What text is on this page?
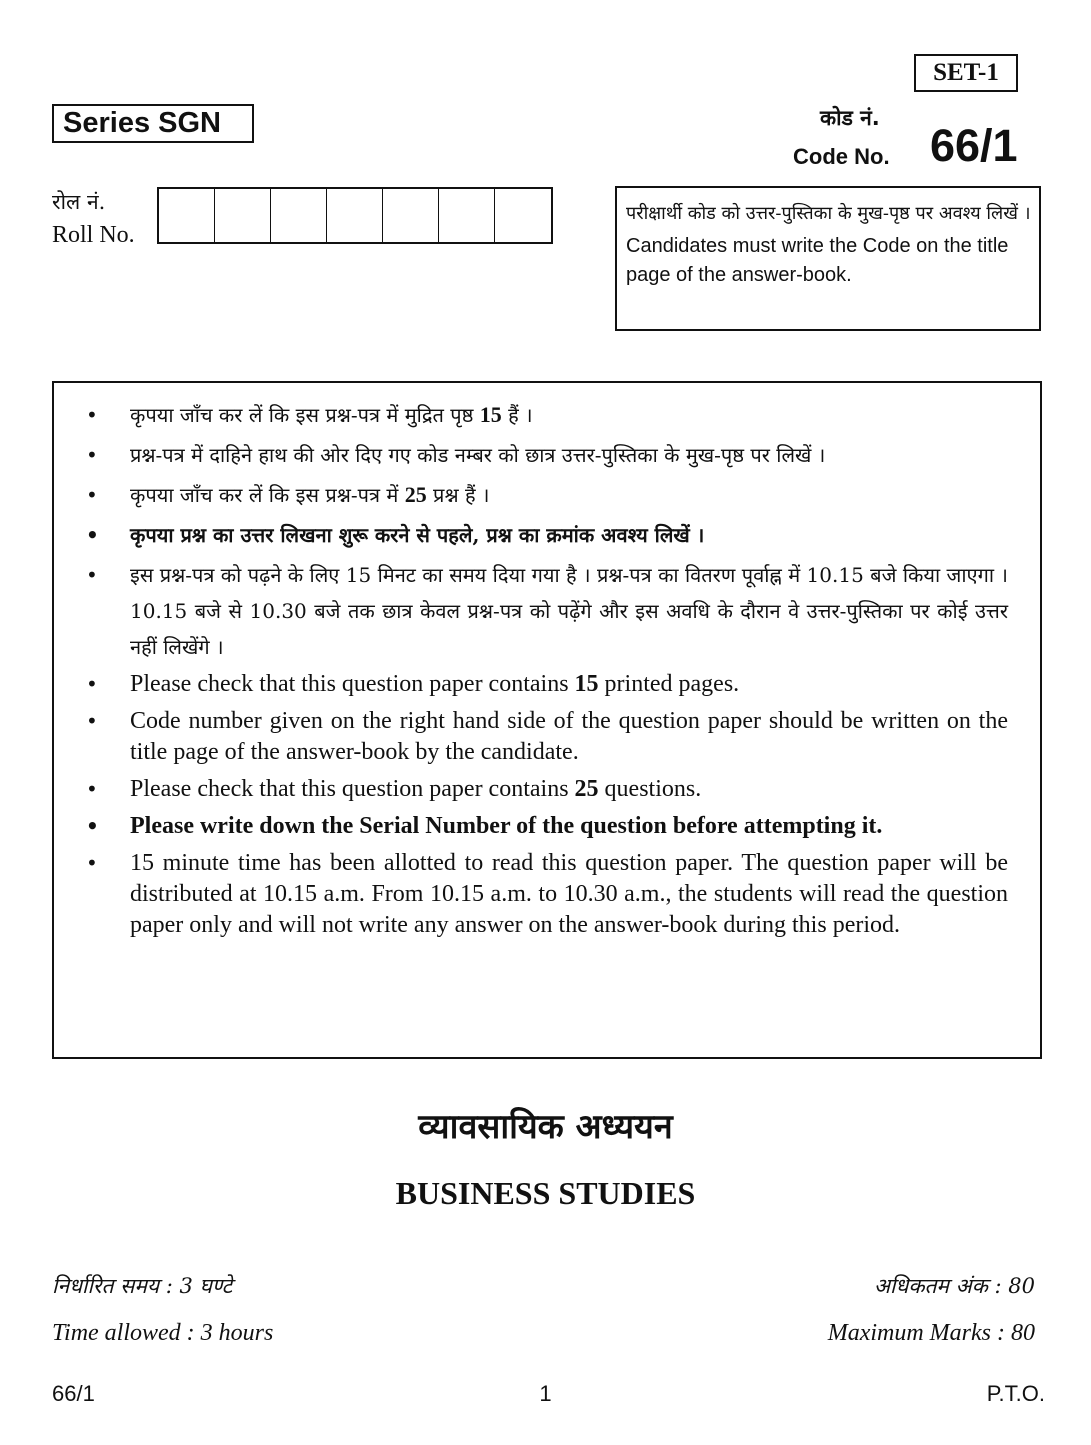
SET-1
Series SGN	कोड नं.
Code No. 66/1
रोल नं.
Roll No.
परीक्षार्थी कोड को उत्तर-पुस्तिका के मुख-पृष्ठ पर अवश्य लिखें ।
Candidates must write the Code on the title page of the answer-book.
• कृपया जाँच कर लें कि इस प्रश्न-पत्र में मुद्रित पृष्ठ 15 हैं ।
• प्रश्न-पत्र में दाहिने हाथ की ओर दिए गए कोड नम्बर को छात्र उत्तर-पुस्तिका के मुख-पृष्ठ पर लिखें ।
• कृपया जाँच कर लें कि इस प्रश्न-पत्र में 25 प्रश्न हैं ।
• कृपया प्रश्न का उत्तर लिखना शुरू करने से पहले, प्रश्न का क्रमांक अवश्य लिखें ।
• इस प्रश्न-पत्र को पढ़ने के लिए 15 मिनट का समय दिया गया है । प्रश्न-पत्र का वितरण पूर्वाह्न में 10.15 बजे किया जाएगा । 10.15 बजे से 10.30 बजे तक छात्र केवल प्रश्न-पत्र को पढ़ेंगे और इस अवधि के दौरान वे उत्तर-पुस्तिका पर कोई उत्तर नहीं लिखेंगे ।
• Please check that this question paper contains 15 printed pages.
• Code number given on the right hand side of the question paper should be written on the title page of the answer-book by the candidate.
• Please check that this question paper contains 25 questions.
• Please write down the Serial Number of the question before attempting it.
• 15 minute time has been allotted to read this question paper. The question paper will be distributed at 10.15 a.m. From 10.15 a.m. to 10.30 a.m., the students will read the question paper only and will not write any answer on the answer-book during this period.
व्यावसायिक अध्ययन
BUSINESS STUDIES
निर्धारित समय : 3 घण्टे
Time allowed : 3 hours
अधिकतम अंक : 80
Maximum Marks : 80
66/1	1	P.T.O.
